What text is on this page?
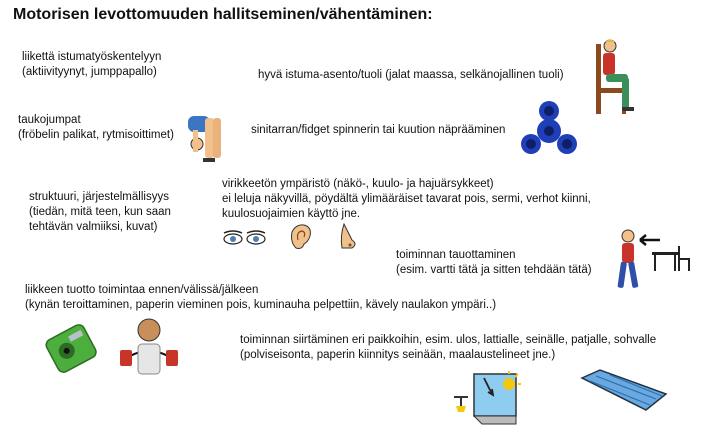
Motorisen levottomuuden hallitseminen/vähentäminen:
liikettä istumatyöskentelyyn
(aktiivityynyt, jumppapallo)	hyvä istuma-asento/tuoli (jalat maassa, selkänojallinen tuoli)
taukojumpat
(fröbelin palikat, rytmisoittimet)	sinitarran/fidget spinnerin tai kuution näprääminen
struktuuri, järjestelmällisyys
(tiedän, mitä teen, kun saan
tehtävän valmiiksi, kuvat)
virikkeetön ympäristö (näkö-, kuulo- ja hajuärsykkeet)
ei leluja näkyvillä, pöydältä ylimääräiset tavarat pois, sermi, verhot kiinni,
kuulosuojaimien käyttö jne.
toiminnan tauottaminen
(esim. vartti tätä ja sitten tehdään tätä)
liikkeen tuotto toimintaa ennen/välissä/jälkeen
(kynän teroittaminen, paperin vieminen pois, kuminauha pelpettiin, kävely naulakon ympäri..)
toiminnan siirtäminen eri paikkoihin, esim. ulos, lattialle, seinälle, patjalle, sohvalle
(polviseisonta, paperin kiinnitys seinään, maalaustelineet jne.)
